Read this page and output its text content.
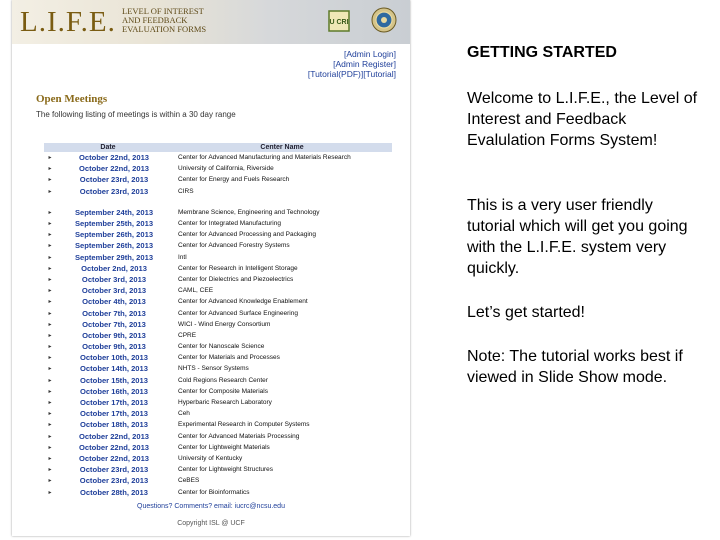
L.I.F.E. LEVEL OF INTEREST
AND FEEDBACK
EVALUATION FORMS
U CRI
[Admin Login]
[Admin Register]
[Tutorial(PDF)][Tutorial]
Open Meetings
The following listing of meetings is within a 30 day range
Date	Center Name
▸	October 22nd, 2013	Center for Advanced Manufacturing and Materials Research
▸	October 22nd, 2013	University of California, Riverside
▸	October 23rd, 2013	Center for Energy and Fuels Research
▸	October 23rd, 2013	CIRS
▸	September 24th, 2013	Membrane Science, Engineering and Technology
▸	September 25th, 2013	Center for Integrated Manufacturing
▸	September 26th, 2013	Center for Advanced Processing and Packaging
▸	September 26th, 2013	Center for Advanced Forestry Systems
▸	September 29th, 2013	Intl
▸	October 2nd, 2013	Center for Research in Intelligent Storage
▸	October 3rd, 2013	Center for Dielectrics and Piezoelectrics
▸	October 3rd, 2013	CAML, CEE
▸	October 4th, 2013	Center for Advanced Knowledge Enablement
▸	October 7th, 2013	Center for Advanced Surface Engineering
▸	October 7th, 2013	WICI - Wind Energy Consortium
▸	October 9th, 2013	CPRE
▸	October 9th, 2013	Center for Nanoscale Science
▸	October 10th, 2013	Center for Materials and Processes
▸	October 14th, 2013	NHTS - Sensor Systems
▸	October 15th, 2013	Cold Regions Research Center
▸	October 16th, 2013	Center for Composite Materials
▸	October 17th, 2013	Hyperbaric Research Laboratory
▸	October 17th, 2013	Ceh
▸	October 18th, 2013	Experimental Research in Computer Systems
▸	October 22nd, 2013	Center for Advanced Materials Processing
▸	October 22nd, 2013	Center for Lightweight Materials
▸	October 22nd, 2013	University of Kentucky
▸	October 23rd, 2013	Center for Lightweight Structures
▸	October 23rd, 2013	CeBES
▸	October 28th, 2013	Center for Bioinformatics
Questions? Comments? email: iucrc@ncsu.edu
Copyright ISL @ UCF
GETTING STARTED
Welcome to L.I.F.E., the Level of Interest and Feedback Evalulation Forms System!
This is a very user friendly tutorial which will get you going with the L.I.F.E. system very quickly.
Let’s get started!
Note: The tutorial works best if viewed in Slide Show mode.
